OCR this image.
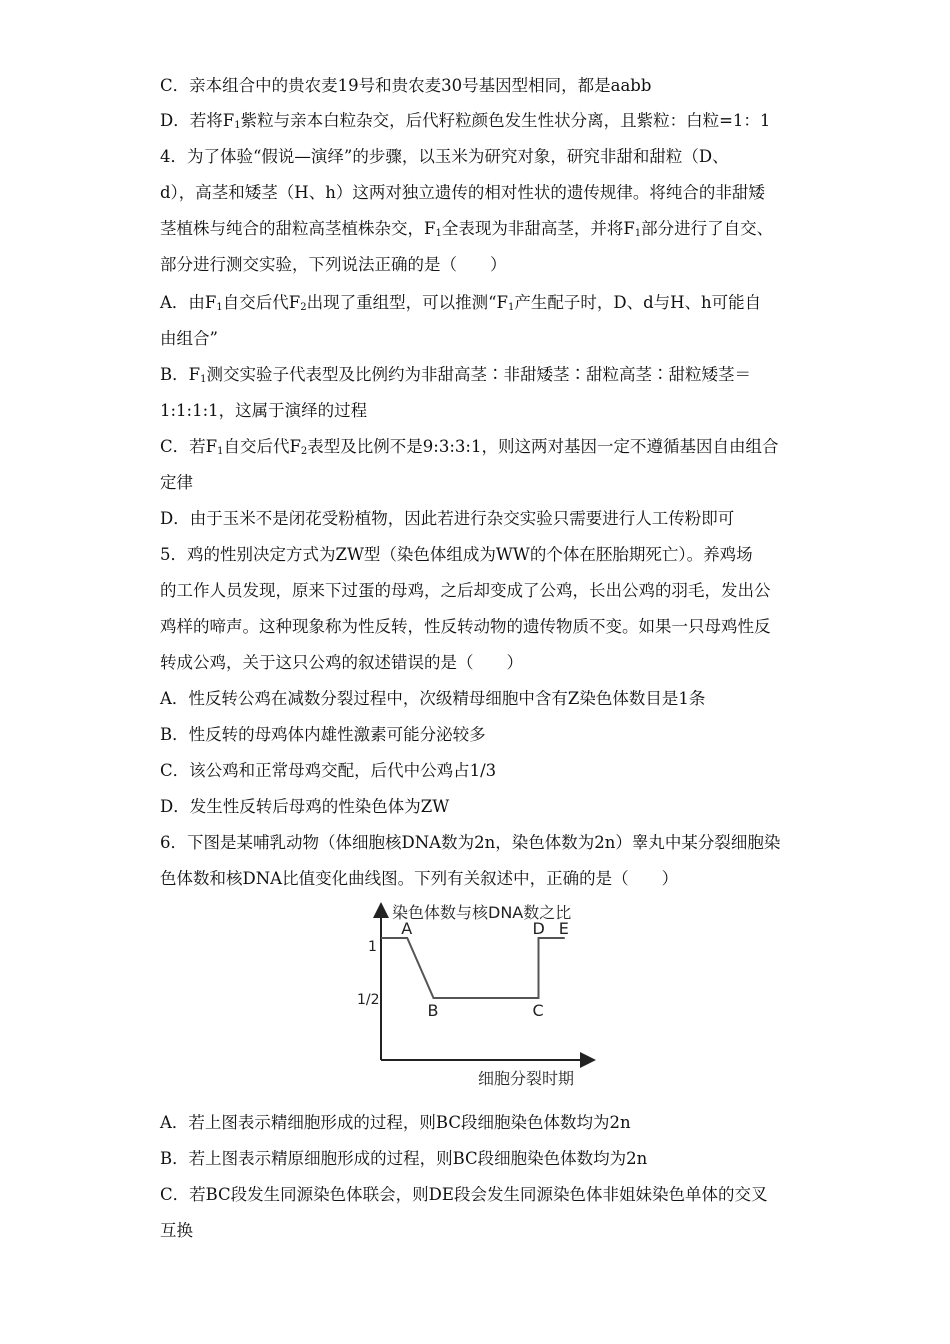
C．亲本组合中的贵农麦19号和贵农麦30号基因型相同，都是aabb
D．若将$F_1$紫粒与亲本白粒杂交，后代籽粒颜色发生性状分离，且紫粒：白粒=1：1
4．为了体验“假说—演绎”的步骤，以玉米为研究对象，研究非甜和甜粒（D、
d），高茎和矮茎（H、h）这两对独立遗传的相对性状的遗传规律。将纯合的非甜矮
茎植株与纯合的甜粒高茎植株杂交，$F_1$全表现为非甜高茎，并将$F_1$部分进行了自交、
部分进行测交实验，下列说法正确的是（　　）
A．由$F_1$自交后代$F_2$出现了重组型，可以推测“$F_1$产生配子时，D、d与H、h可能自
由组合”
B．$F_1$测交实验子代表型及比例约为非甜高茎∶非甜矮茎∶甜粒高茎∶甜粒矮茎＝
1:1:1:1，这属于演绎的过程
C．若$F_1$自交后代$F_2$表型及比例不是9:3:3:1，则这两对基因一定不遵循基因自由组合
定律
D．由于玉米不是闭花受粉植物，因此若进行杂交实验只需要进行人工传粉即可
5．鸡的性别决定方式为ZW型（染色体组成为WW的个体在胚胎期死亡）。养鸡场
的工作人员发现，原来下过蛋的母鸡，之后却变成了公鸡，长出公鸡的羽毛，发出公
鸡样的啼声。这种现象称为性反转，性反转动物的遗传物质不变。如果一只母鸡性反
转成公鸡，关于这只公鸡的叙述错误的是（　　）
A．性反转公鸡在减数分裂过程中，次级精母细胞中含有Z染色体数目是1条
B．性反转的母鸡体内雄性激素可能分泌较多
C．该公鸡和正常母鸡交配，后代中公鸡占1/3
D．发生性反转后母鸡的性染色体为ZW
6．下图是某哺乳动物（体细胞核DNA数为2n，染色体数为2n）睾丸中某分裂细胞染
色体数和核DNA比值变化曲线图。下列有关叙述中，正确的是（　　）
染色体数与核DNA数之比
细胞分裂时期
1
1/2
A
B	C
D E
A．若上图表示精细胞形成的过程，则BC段细胞染色体数均为2n
B．若上图表示精原细胞形成的过程，则BC段细胞染色体数均为2n
C．若BC段发生同源染色体联会，则DE段会发生同源染色体非姐妹染色单体的交叉
互换
